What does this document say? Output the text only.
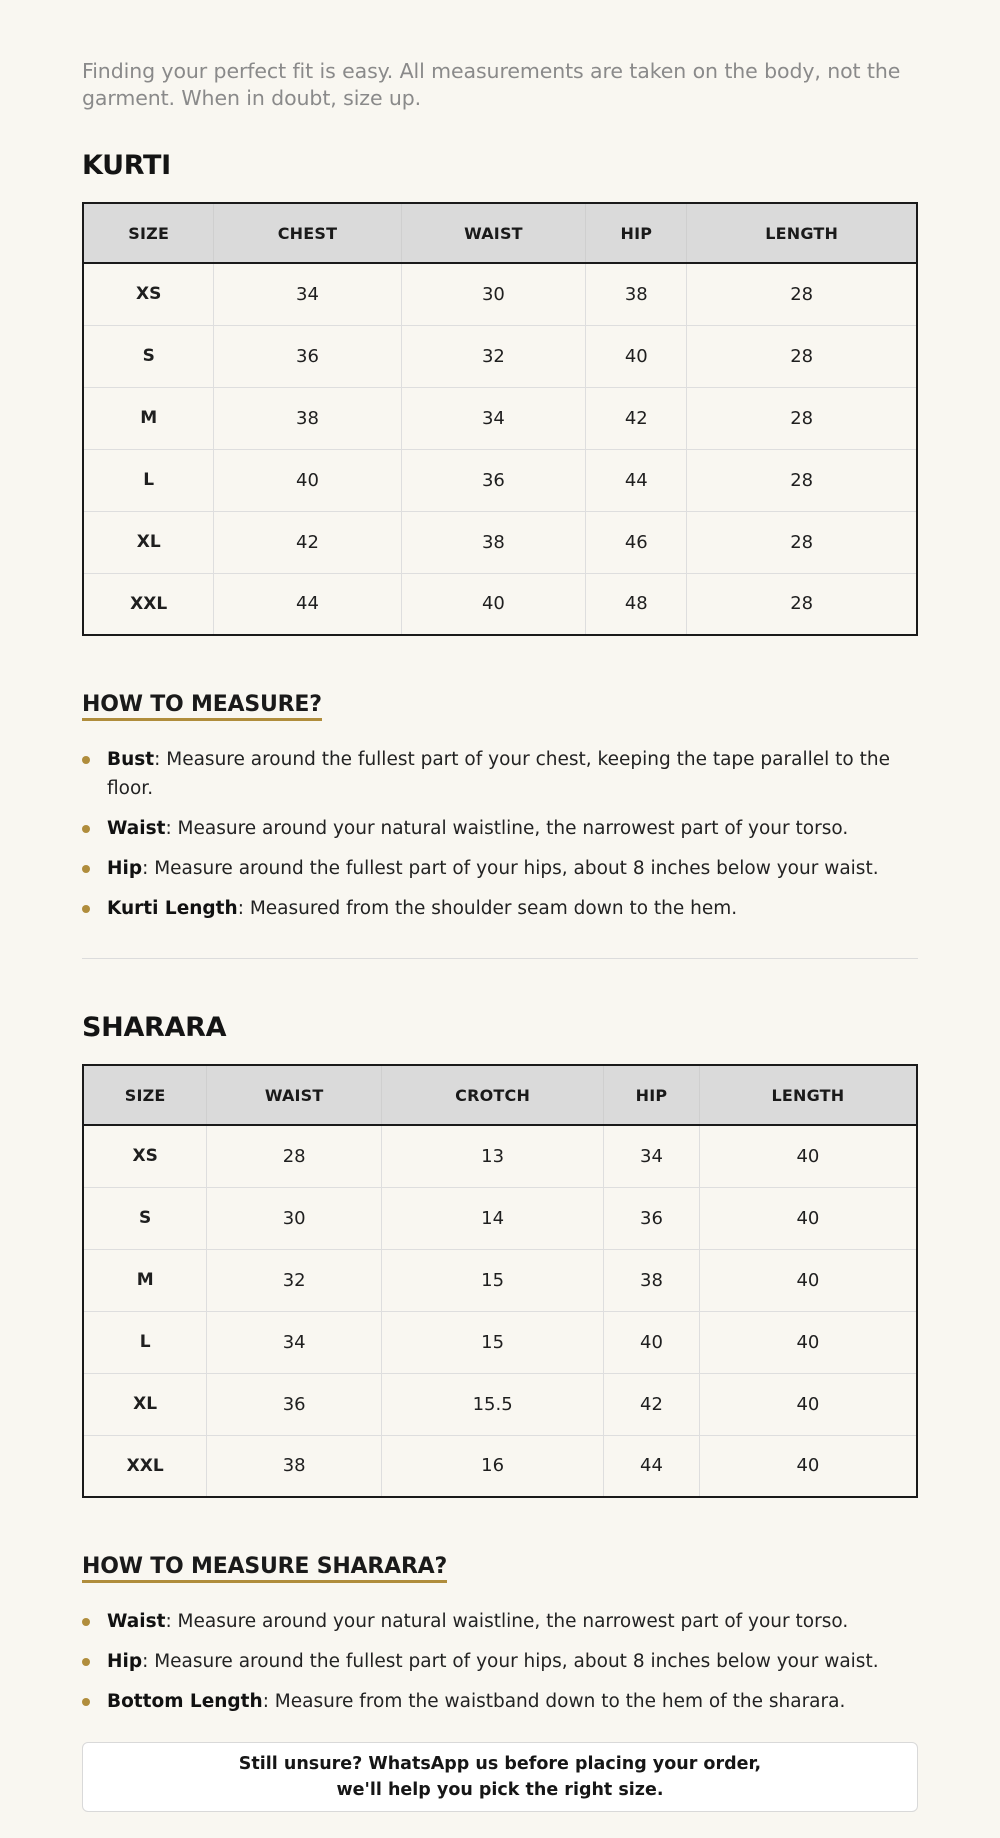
Finding your perfect fit is easy. All measurements are taken on the body, not the garment. When in doubt, size up.

KURTI
SIZE	CHEST	WAIST	HIP	LENGTH
XS	34	30	38	28
S	36	32	40	28
M	38	34	42	28
L	40	36	44	28
XL	42	38	46	28
XXL	44	40	48	28
HOW TO MEASURE?
Bust: Measure around the fullest part of your chest, keeping the tape parallel to the floor.
Waist: Measure around your natural waistline, the narrowest part of your torso.
Hip: Measure around the fullest part of your hips, about 8 inches below your waist.
Kurti Length: Measured from the shoulder seam down to the hem.
SHARARA
SIZE	WAIST	CROTCH	HIP	LENGTH
XS	28	13	34	40
S	30	14	36	40
M	32	15	38	40
L	34	15	40	40
XL	36	15.5	42	40
XXL	38	16	44	40
HOW TO MEASURE SHARARA?
Waist: Measure around your natural waistline, the narrowest part of your torso.
Hip: Measure around the fullest part of your hips, about 8 inches below your waist.
Bottom Length: Measure from the waistband down to the hem of the sharara.
Still unsure? WhatsApp us before placing your order,
we'll help you pick the right size.
